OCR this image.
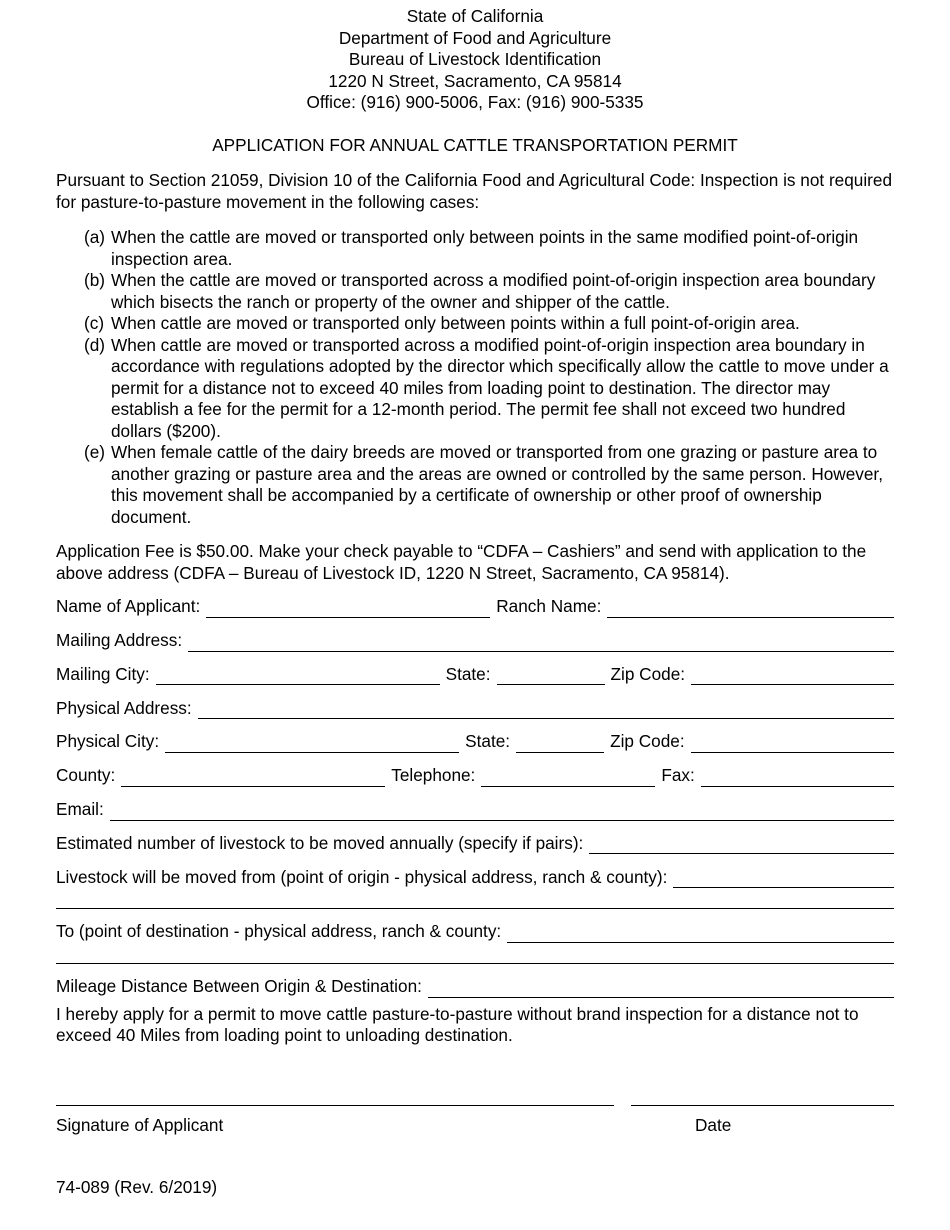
State of California
Department of Food and Agriculture
Bureau of Livestock Identification
1220 N Street, Sacramento, CA 95814
Office: (916) 900-5006, Fax: (916) 900-5335
APPLICATION FOR ANNUAL CATTLE TRANSPORTATION PERMIT
Pursuant to Section 21059, Division 10 of the California Food and Agricultural Code: Inspection is not required for pasture-to-pasture movement in the following cases:
(a) When the cattle are moved or transported only between points in the same modified point-of-origin inspection area.
(b) When the cattle are moved or transported across a modified point-of-origin inspection area boundary which bisects the ranch or property of the owner and shipper of the cattle.
(c) When cattle are moved or transported only between points within a full point-of-origin area.
(d) When cattle are moved or transported across a modified point-of-origin inspection area boundary in accordance with regulations adopted by the director which specifically allow the cattle to move under a permit for a distance not to exceed 40 miles from loading point to destination. The director may establish a fee for the permit for a 12-month period. The permit fee shall not exceed two hundred dollars ($200).
(e) When female cattle of the dairy breeds are moved or transported from one grazing or pasture area to another grazing or pasture area and the areas are owned or controlled by the same person. However, this movement shall be accompanied by a certificate of ownership or other proof of ownership document.
Application Fee is $50.00. Make your check payable to “CDFA – Cashiers” and send with application to the above address (CDFA – Bureau of Livestock ID, 1220 N Street, Sacramento, CA 95814).
Name of Applicant:	Ranch Name:
Mailing Address:
Mailing City:	State:	Zip Code:
Physical Address:
Physical City:	State:	Zip Code:
County:	Telephone:	Fax:
Email:
Estimated number of livestock to be moved annually (specify if pairs):
Livestock will be moved from (point of origin - physical address, ranch & county):
To (point of destination - physical address, ranch & county:
Mileage Distance Between Origin & Destination:
I hereby apply for a permit to move cattle pasture-to-pasture without brand inspection for a distance not to exceed 40 Miles from loading point to unloading destination.
Signature of Applicant	Date
74-089 (Rev. 6/2019)
